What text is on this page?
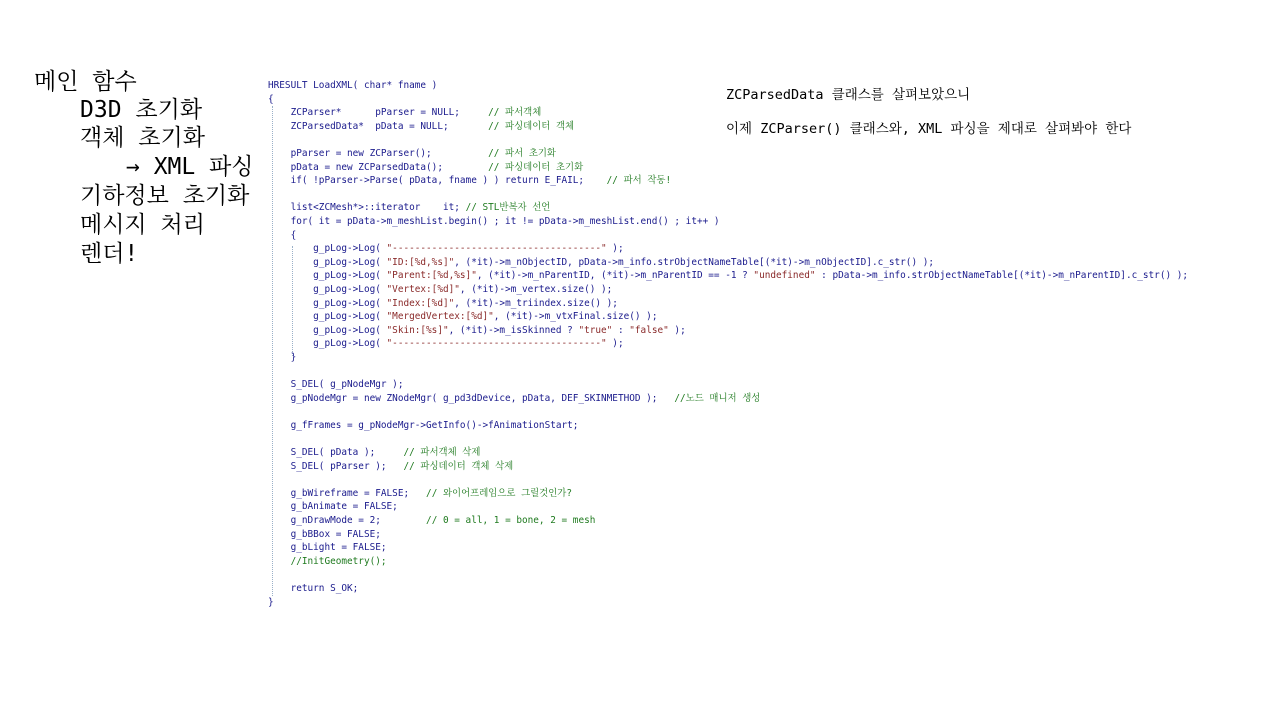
메인 함수
D3D 초기화
객체 초기화
→ XML 파싱
기하정보 초기화
메시지 처리
렌더!
HRESULT LoadXML( char* fname )
{
ZCParser*      pParser = NULL;     // 파서객체
ZCParsedData*  pData = NULL;       // 파싱데이터 객체
pParser = new ZCParser();          // 파서 초기화
pData = new ZCParsedData();        // 파싱데이터 초기화
if( !pParser->Parse( pData, fname ) ) return E_FAIL;    // 파서 작동!
list<ZCMesh*>::iterator    it; // STL반복자 선언
for( it = pData->m_meshList.begin() ; it != pData->m_meshList.end() ; it++ )
{
g_pLog->Log( "-------------------------------------" );
g_pLog->Log( "ID:[%d,%s]", (*it)->m_nObjectID, pData->m_info.strObjectNameTable[(*it)->m_nObjectID].c_str() );
g_pLog->Log( "Parent:[%d,%s]", (*it)->m_nParentID, (*it)->m_nParentID == -1 ? "undefined" : pData->m_info.strObjectNameTable[(*it)->m_nParentID].c_str() );
g_pLog->Log( "Vertex:[%d]", (*it)->m_vertex.size() );
g_pLog->Log( "Index:[%d]", (*it)->m_triindex.size() );
g_pLog->Log( "MergedVertex:[%d]", (*it)->m_vtxFinal.size() );
g_pLog->Log( "Skin:[%s]", (*it)->m_isSkinned ? "true" : "false" );
g_pLog->Log( "-------------------------------------" );
}
S_DEL( g_pNodeMgr );
g_pNodeMgr = new ZNodeMgr( g_pd3dDevice, pData, DEF_SKINMETHOD );   //노드 매니저 생성
g_fFrames = g_pNodeMgr->GetInfo()->fAnimationStart;
S_DEL( pData );     // 파서객체 삭제
S_DEL( pParser );   // 파싱데이터 객체 삭제
g_bWireframe = FALSE;   // 와이어프레임으로 그릴것인가?
g_bAnimate = FALSE;
g_nDrawMode = 2;        // 0 = all, 1 = bone, 2 = mesh
g_bBBox = FALSE;
g_bLight = FALSE;
//InitGeometry();
return S_OK;
}
ZCParsedData 클래스를 살펴보았으니
이제 ZCParser() 클래스와, XML 파싱을 제대로 살펴봐야 한다
